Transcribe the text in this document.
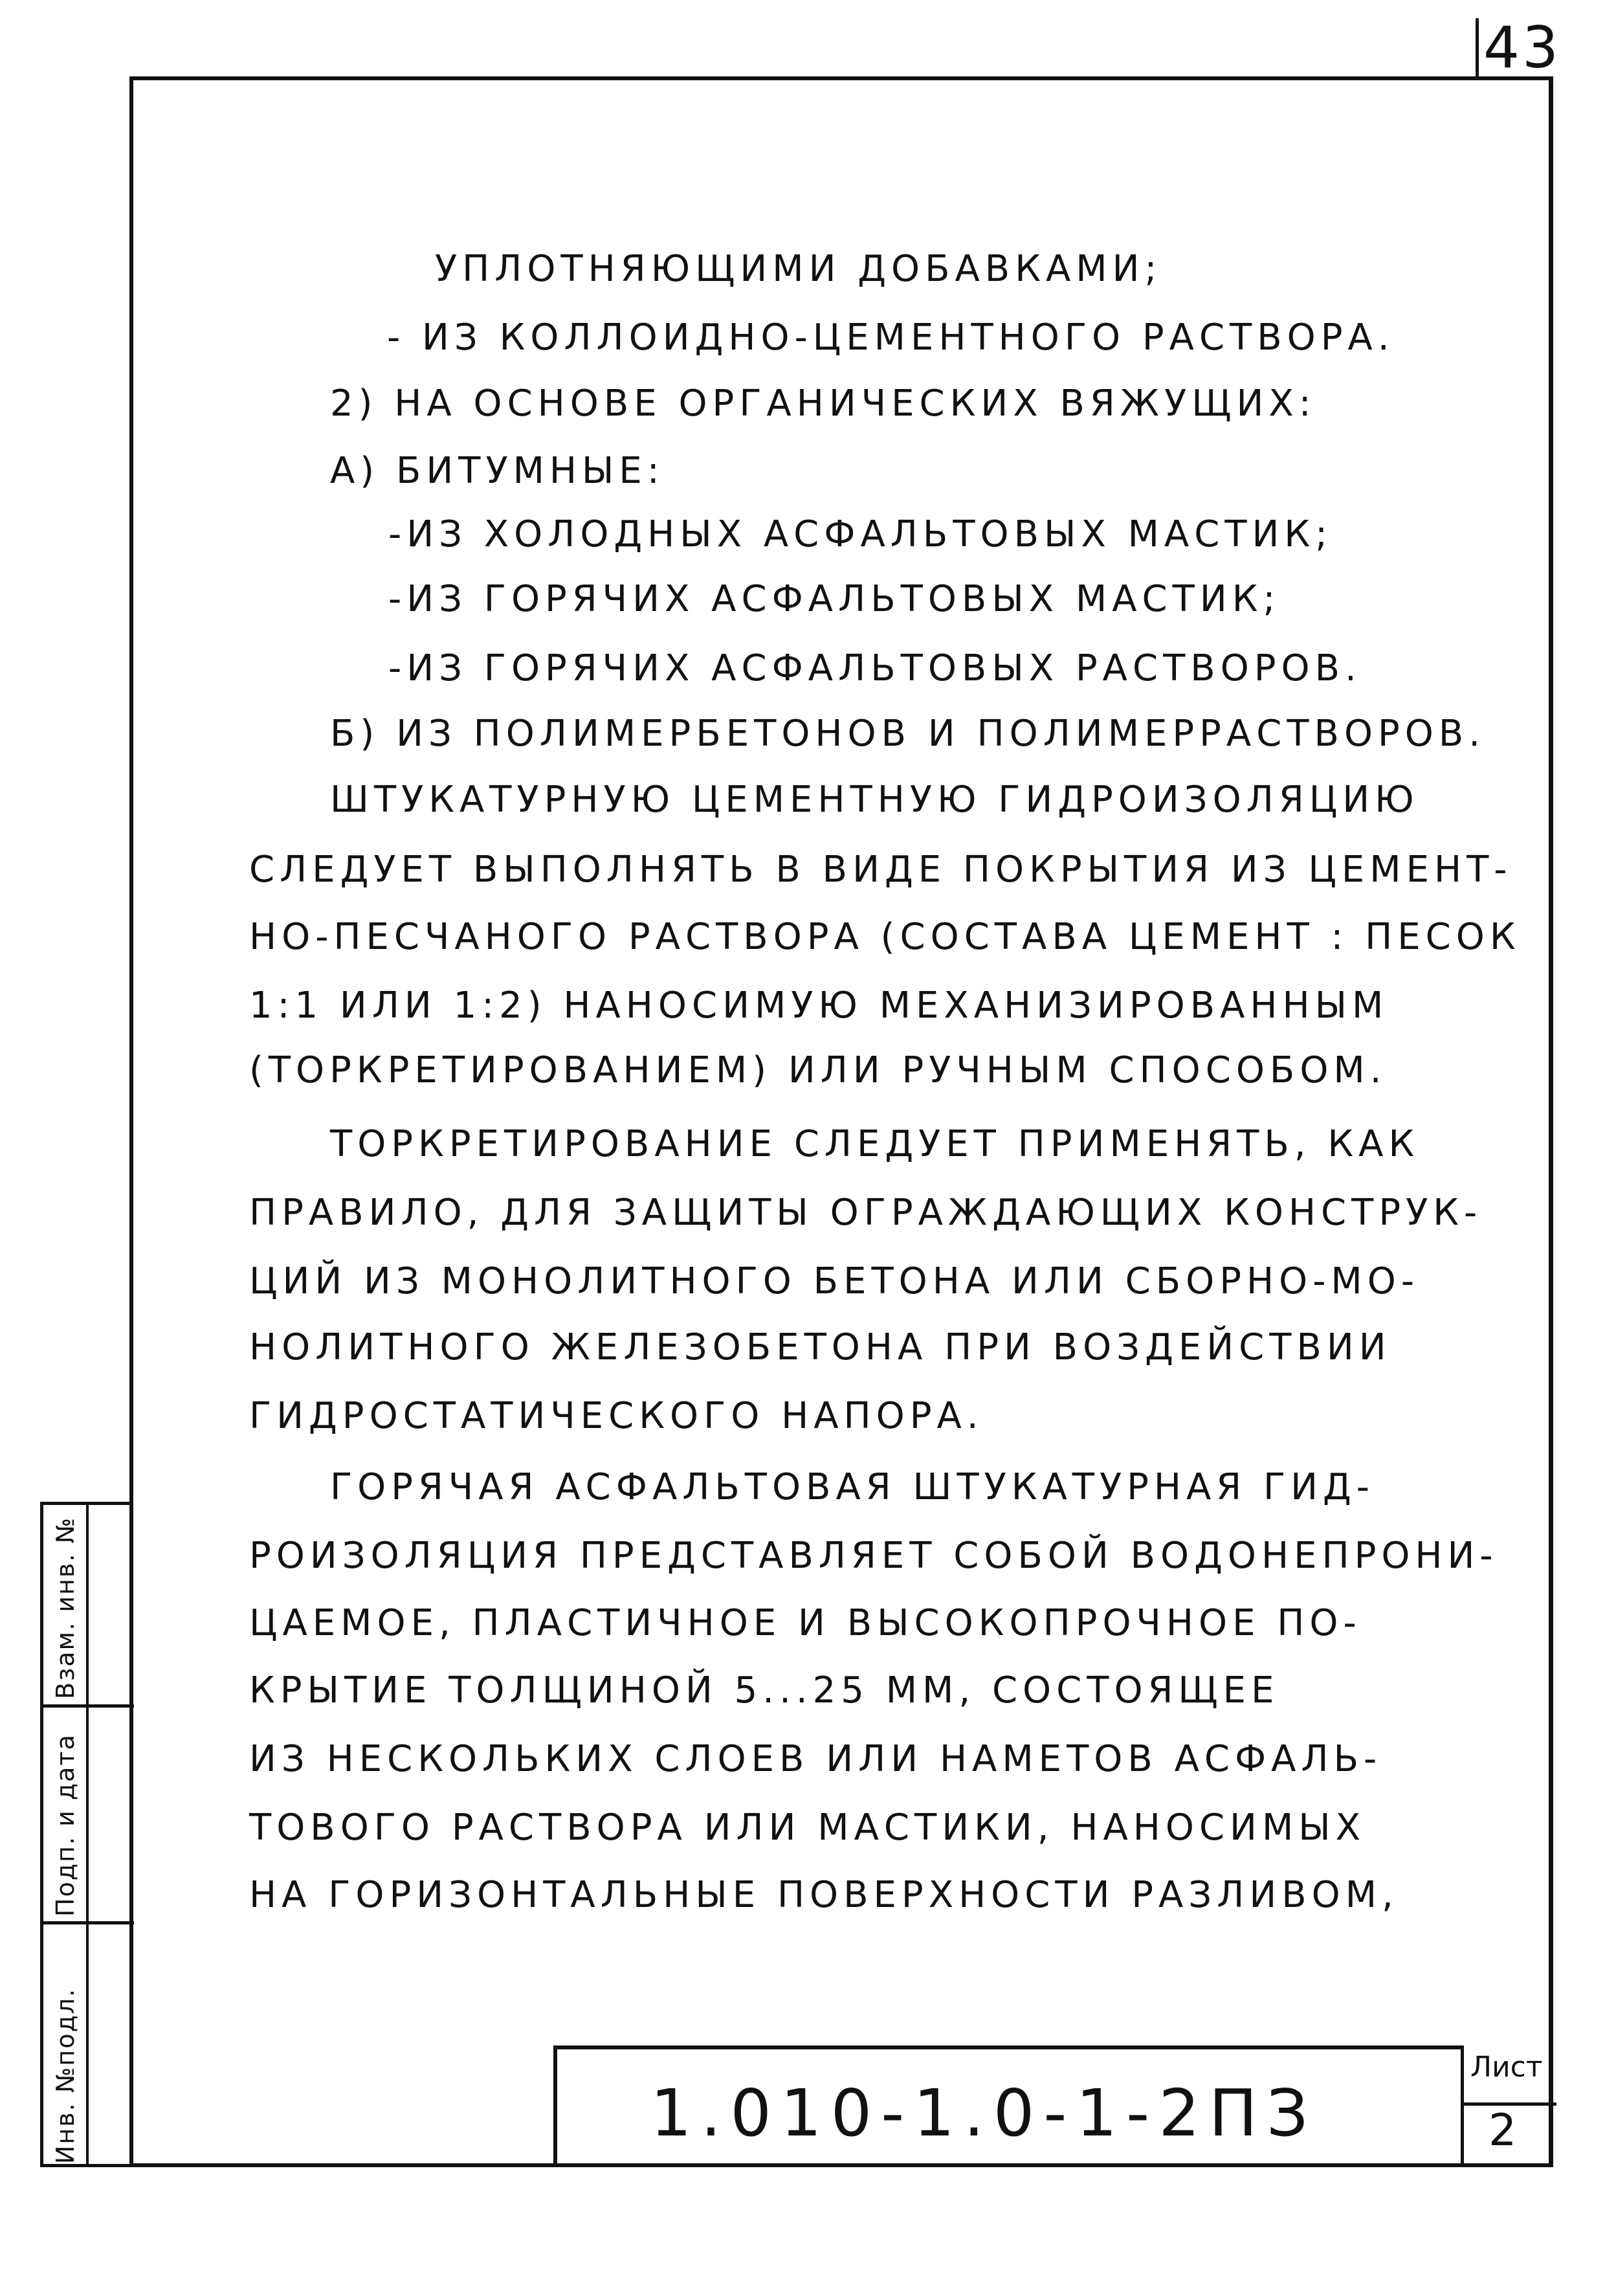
43
УПЛОТНЯЮЩИМИ ДОБАВКАМИ;
- ИЗ КОЛЛОИДНО-ЦЕМЕНТНОГО РАСТВОРА.
2) НА ОСНОВЕ ОРГАНИЧЕСКИХ ВЯЖУЩИХ:
А) БИТУМНЫЕ:
-ИЗ ХОЛОДНЫХ АСФАЛЬТОВЫХ МАСТИК;
-ИЗ ГОРЯЧИХ АСФАЛЬТОВЫХ МАСТИК;
-ИЗ ГОРЯЧИХ АСФАЛЬТОВЫХ РАСТВОРОВ.
Б) ИЗ ПОЛИМЕРБЕТОНОВ И ПОЛИМЕРРАСТВОРОВ.
ШТУКАТУРНУЮ ЦЕМЕНТНУЮ ГИДРОИЗОЛЯЦИЮ
СЛЕДУЕТ ВЫПОЛНЯТЬ В ВИДЕ ПОКРЫТИЯ ИЗ ЦЕМЕНТ-
НО-ПЕСЧАНОГО РАСТВОРА (СОСТАВА ЦЕМЕНТ : ПЕСОК
1:1 ИЛИ 1:2) НАНОСИМУЮ МЕХАНИЗИРОВАННЫМ
(ТОРКРЕТИРОВАНИЕМ) ИЛИ РУЧНЫМ СПОСОБОМ.
ТОРКРЕТИРОВАНИЕ СЛЕДУЕТ ПРИМЕНЯТЬ, КАК
ПРАВИЛО, ДЛЯ ЗАЩИТЫ ОГРАЖДАЮЩИХ КОНСТРУК-
ЦИЙ ИЗ МОНОЛИТНОГО БЕТОНА ИЛИ СБОРНО-МО-
НОЛИТНОГО ЖЕЛЕЗОБЕТОНА ПРИ ВОЗДЕЙСТВИИ
ГИДРОСТАТИЧЕСКОГО НАПОРА.
ГОРЯЧАЯ АСФАЛЬТОВАЯ ШТУКАТУРНАЯ ГИД-
РОИЗОЛЯЦИЯ ПРЕДСТАВЛЯЕТ СОБОЙ ВОДОНЕПРОНИ-
ЦАЕМОЕ, ПЛАСТИЧНОЕ И ВЫСОКОПРОЧНОЕ ПО-
КРЫТИЕ ТОЛЩИНОЙ 5...25 ММ, СОСТОЯЩЕЕ
ИЗ НЕСКОЛЬКИХ СЛОЕВ ИЛИ НАМЕТОВ АСФАЛЬ-
ТОВОГО РАСТВОРА ИЛИ МАСТИКИ, НАНОСИМЫХ
НА ГОРИЗОНТАЛЬНЫЕ ПОВЕРХНОСТИ РАЗЛИВОМ,
Взам. инв. №
Подп. и дата
Инв. №подл.	1.010-1.0-1-2ПЗ
Лист
2
